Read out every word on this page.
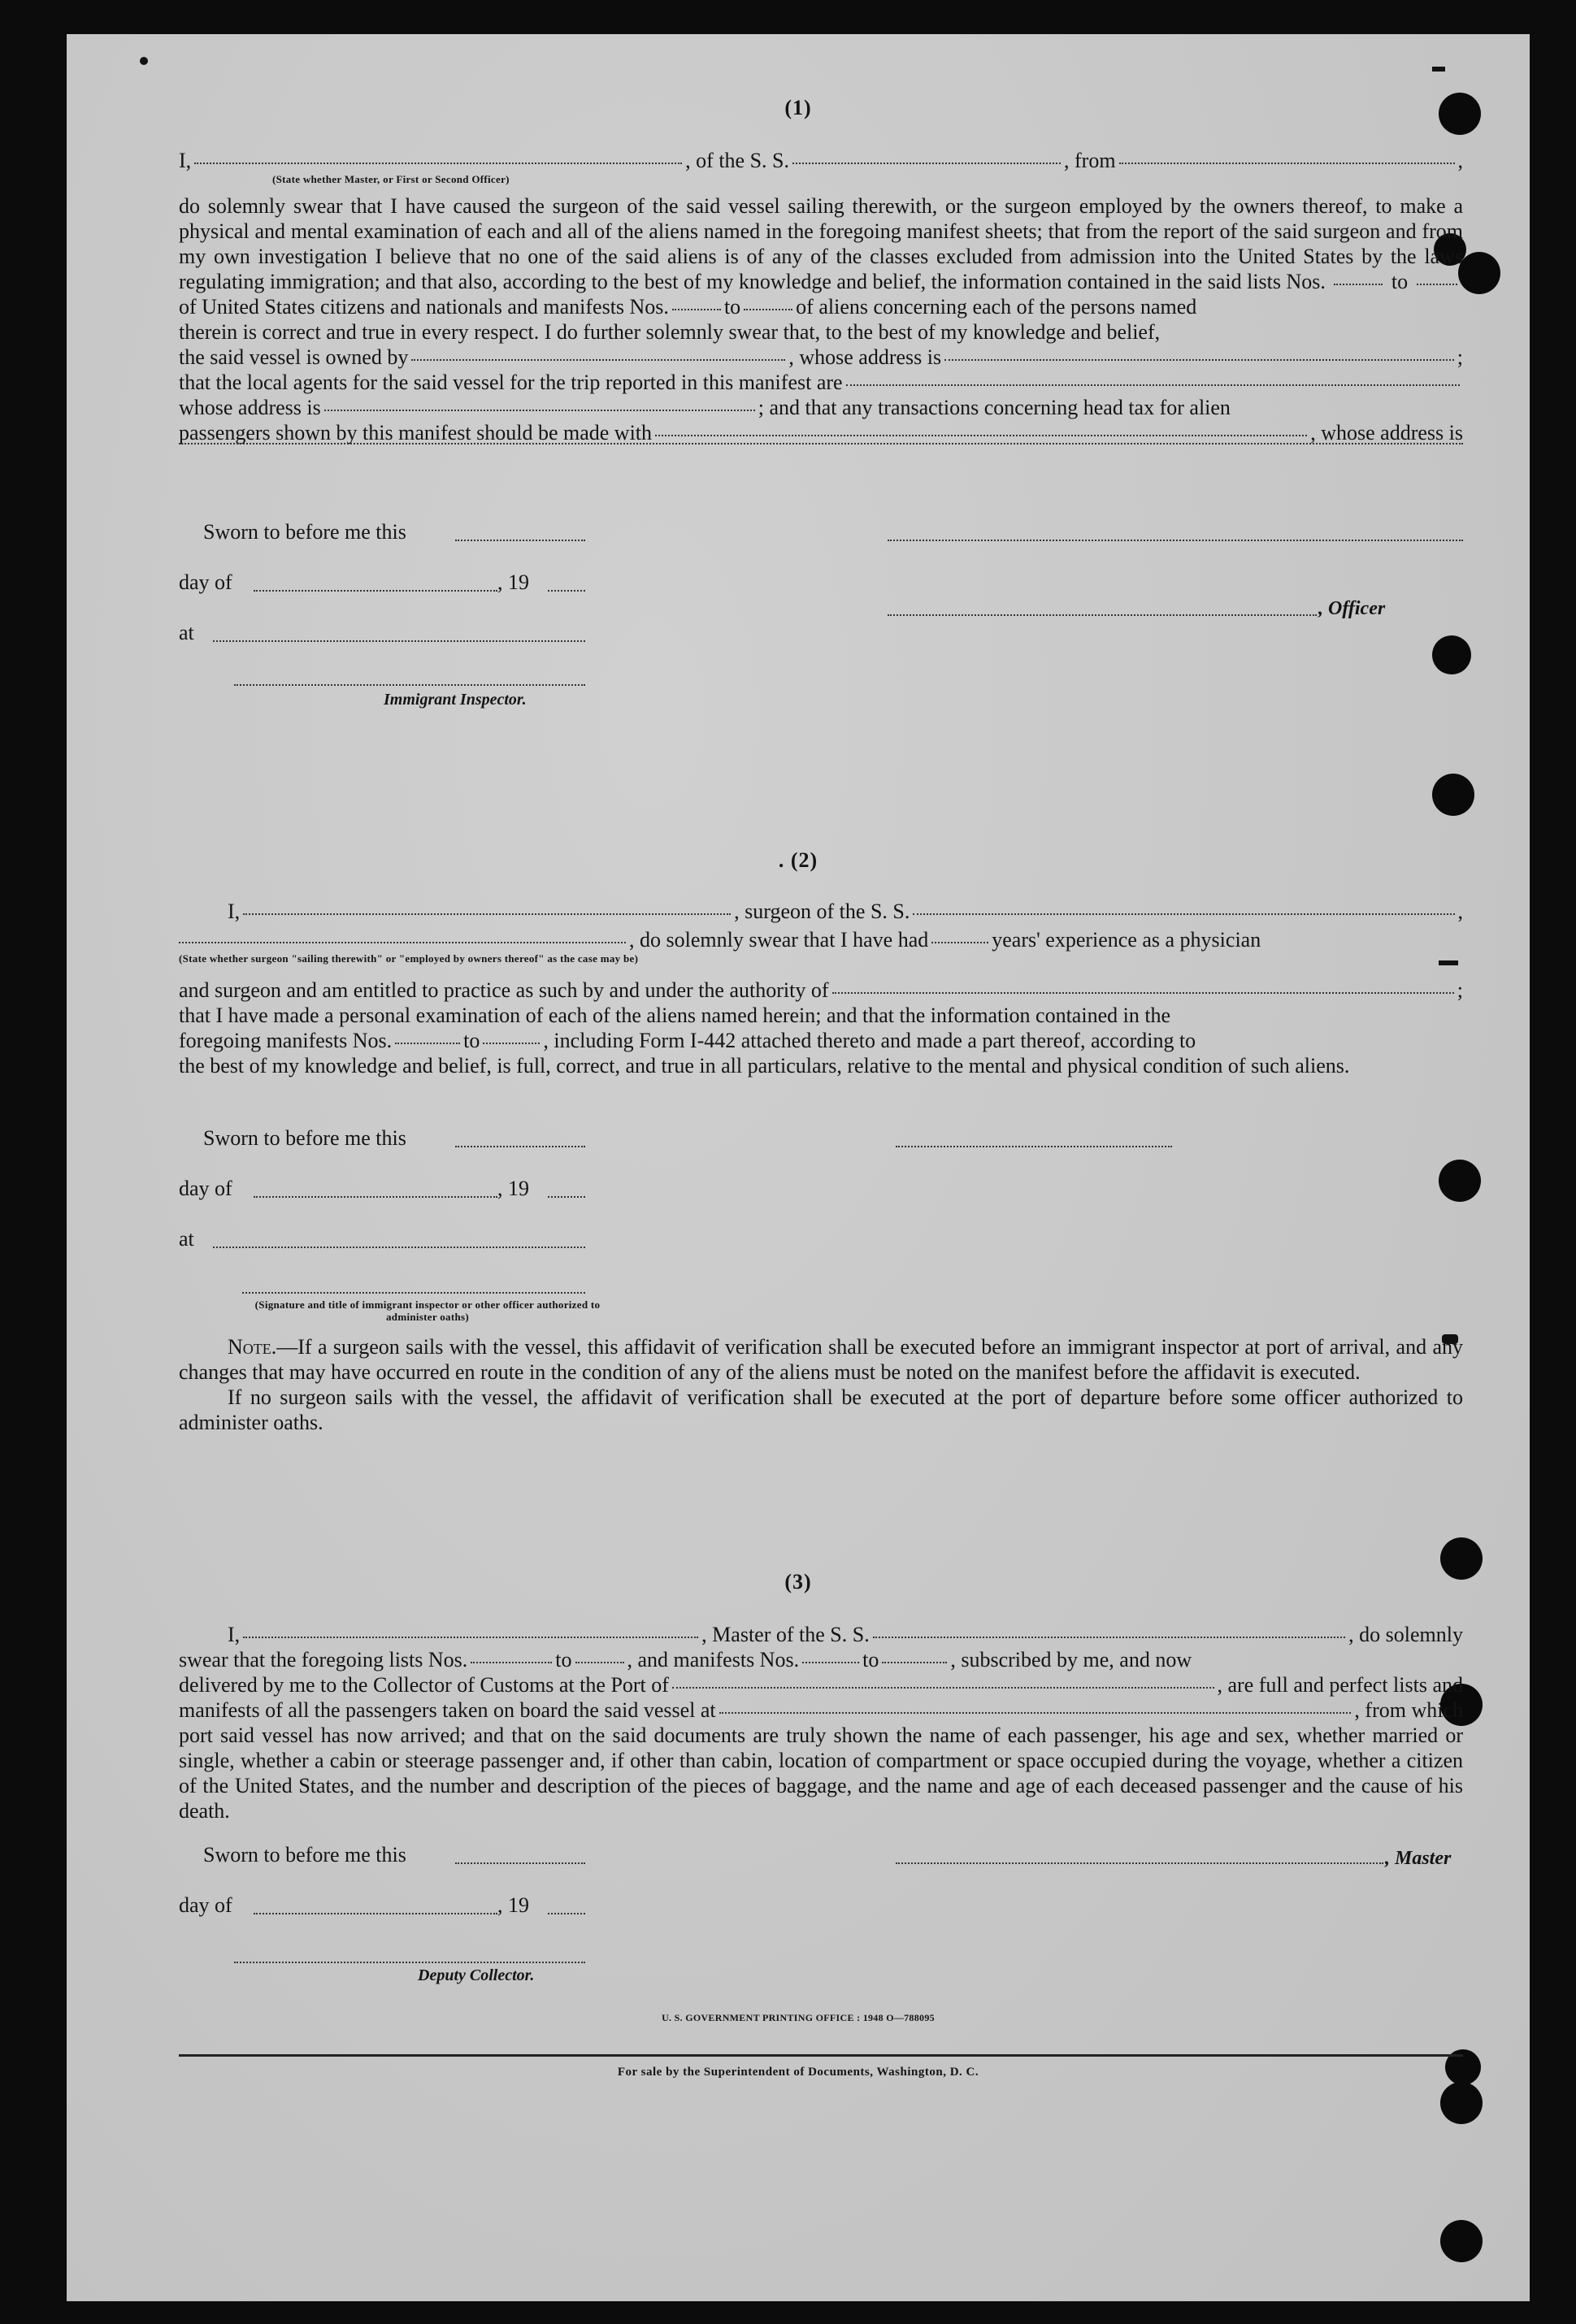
(1)
I,	, of the S. S.	, from	,
(State whether Master, or First or Second Officer)

do solemnly swear that I have caused the surgeon of the said vessel sailing therewith, or the surgeon employed by the owners thereof, to make a physical and mental examination of each and all of the aliens named in the foregoing manifest sheets; that from the report of the said surgeon and from my own investigation I believe that no one of the said aliens is of any of the classes excluded from admission into the United States by the laws regulating immigration; and that also, according to the best of my knowledge and belief, the information contained in the said lists Nos.	to

of United States citizens and nationals and manifests Nos.	to	of aliens concerning each of the persons named
therein is correct and true in every respect. I do further solemnly swear that, to the best of my knowledge and belief,
the said vessel is owned by	, whose address is	;
that the local agents for the said vessel for the trip reported in this manifest are
whose address is	; and that any transactions concerning head tax for alien
passengers shown by this manifest should be made with	, whose address is
Sworn to before me this
day of	, 19
at
Immigrant Inspector.
, Officer
. (2)
I,	, surgeon of the S. S.	,
, do solemnly swear that I have had	years' experience as a physician
(State whether surgeon "sailing therewith" or "employed by owners thereof" as the case may be)
and surgeon and am entitled to practice as such by and under the authority of	;
that I have made a personal examination of each of the aliens named herein; and that the information contained in the
foregoing manifests Nos.	to	, including Form I-442 attached thereto and made a part thereof, according to

the best of my knowledge and belief, is full, correct, and true in all particulars, relative to the mental and physical condition of such aliens.

Sworn to before me this
day of	, 19
at
(Signature and title of immigrant inspector or other officer authorized to administer oaths)

Note.—If a surgeon sails with the vessel, this affidavit of verification shall be executed before an immigrant inspector at port of arrival, and any changes that may have occurred en route in the condition of any of the aliens must be noted on the manifest before the affidavit is executed.

If no surgeon sails with the vessel, the affidavit of verification shall be executed at the port of departure before some officer authorized to administer oaths.

(3)
I,	, Master of the S. S.	, do solemnly
swear that the foregoing lists Nos.	to	, and manifests Nos.	to	, subscribed by me, and now
delivered by me to the Collector of Customs at the Port of	, are full and perfect lists and
manifests of all the passengers taken on board the said vessel at	, from which

port said vessel has now arrived; and that on the said documents are truly shown the name of each passenger, his age and sex, whether married or single, whether a cabin or steerage passenger and, if other than cabin, location of compartment or space occupied during the voyage, whether a citizen of the United States, and the number and description of the pieces of baggage, and the name and age of each deceased passenger and the cause of his death.

Sworn to before me this	, Master
day of	, 19
Deputy Collector.
U. S. GOVERNMENT PRINTING OFFICE : 1948 O—788095
For sale by the Superintendent of Documents, Washington, D. C.
